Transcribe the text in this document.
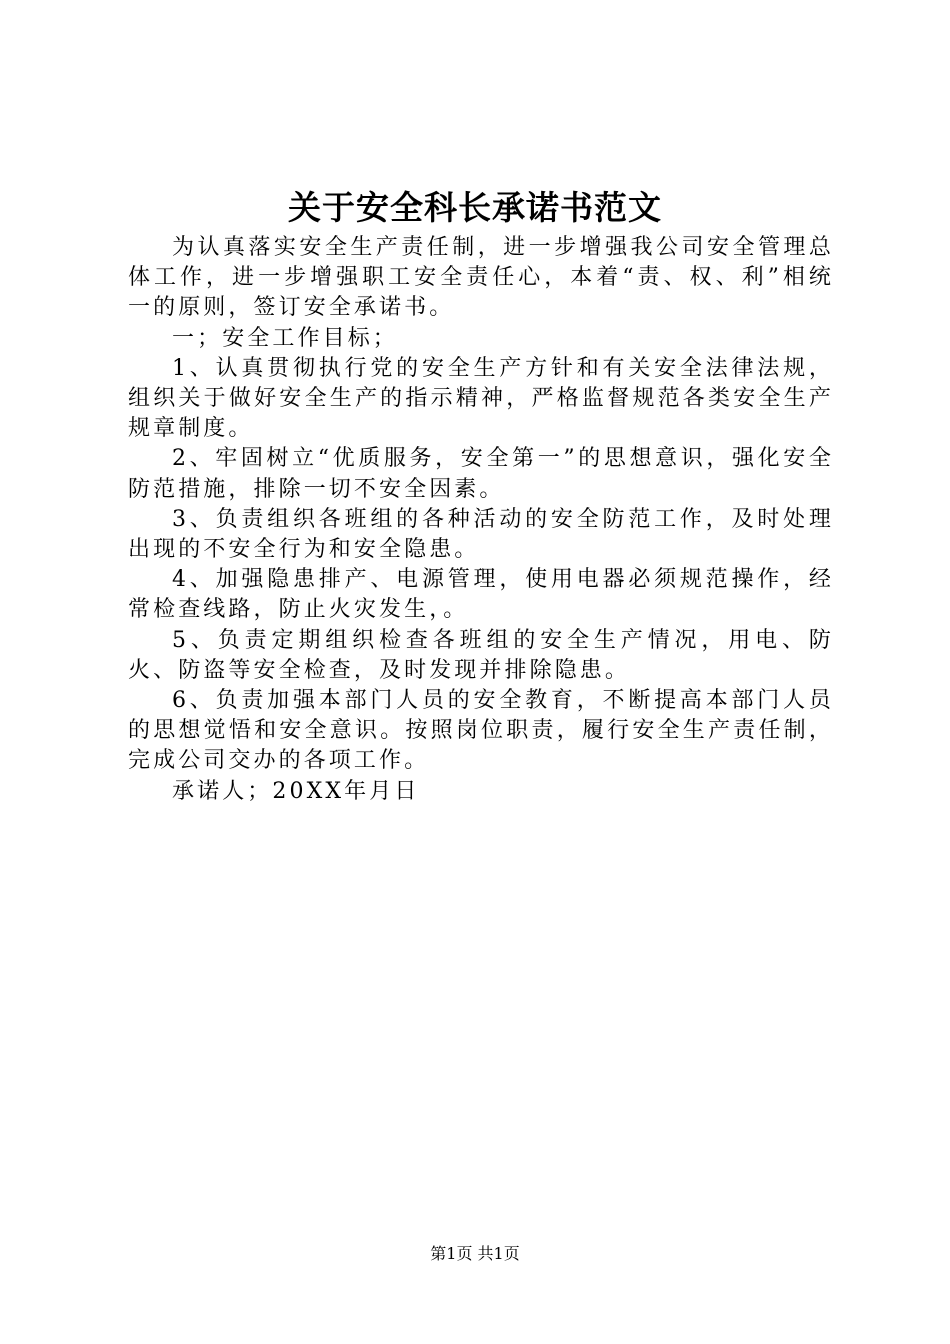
关于安全科长承诺书范文

为认真落实安全生产责任制，进一步增强我公司安全管理总体工作，进一步增强职工安全责任心，本着“责、权、利”相统一的原则，签订安全承诺书。

一；安全工作目标；

1、认真贯彻执行党的安全生产方针和有关安全法律法规，组织关于做好安全生产的指示精神，严格监督规范各类安全生产规章制度。

2、牢固树立“优质服务，安全第一”的思想意识，强化安全防范措施，排除一切不安全因素。

3、负责组织各班组的各种活动的安全防范工作，及时处理出现的不安全行为和安全隐患。

4、加强隐患排产、电源管理，使用电器必须规范操作，经常检查线路，防止火灾发生，。

5、负责定期组织检查各班组的安全生产情况，用电、防火、防盗等安全检查，及时发现并排除隐患。

6、负责加强本部门人员的安全教育，不断提高本部门人员的思想觉悟和安全意识。按照岗位职责，履行安全生产责任制，完成公司交办的各项工作。

承诺人；20XX年月日

第1页 共1页
